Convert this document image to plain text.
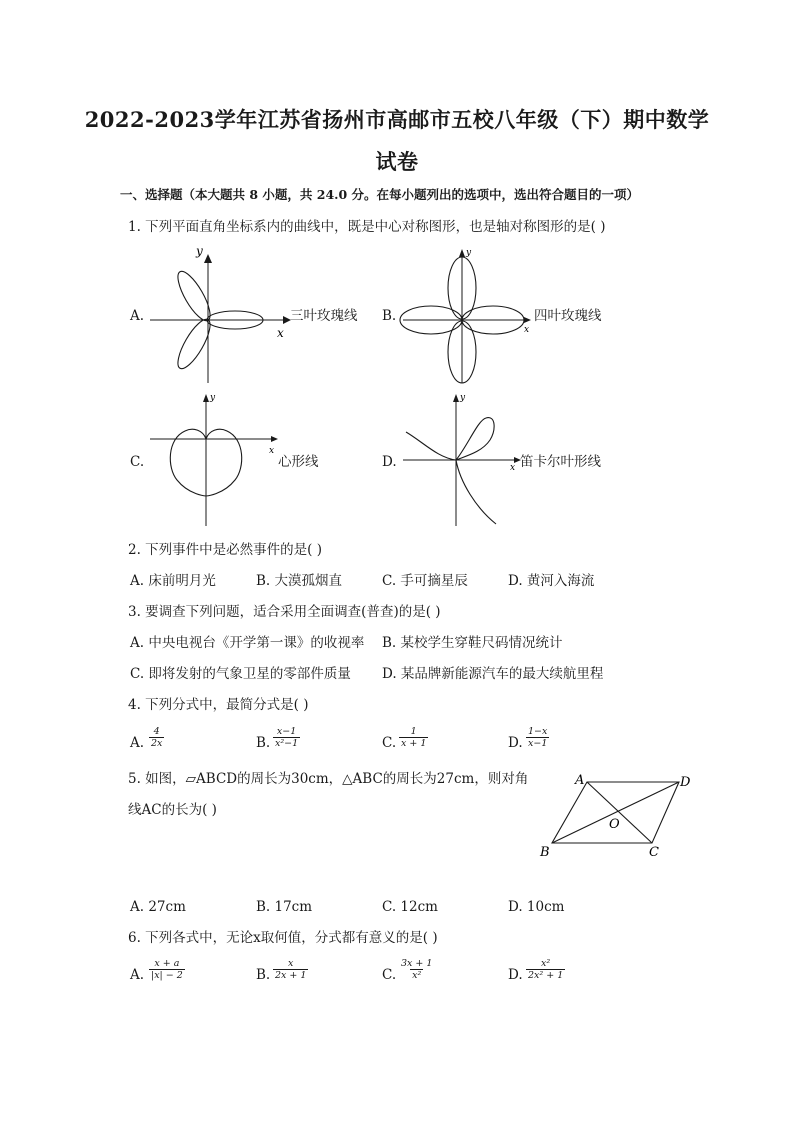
2022-2023学年江苏省扬州市高邮市五校八年级（下）期中数学
试卷
一、选择题（本大题共 8 小题，共 24.0 分。在每小题列出的选项中，选出符合题目的一项）
1. 下列平面直角坐标系内的曲线中，既是中心对称图形，也是轴对称图形的是( )
A.
y
x
三叶玫瑰线 B.
y
x
四叶玫瑰线
C.
y
x
心形线	D.
y
x 笛卡尔叶形线
2. 下列事件中是必然事件的是( )
A. 床前明月光	B. 大漠孤烟直	C. 手可摘星辰	D. 黄河入海流
3. 要调查下列问题，适合采用全面调查(普查)的是( )
A. 中央电视台《开学第一课》的收视率 B. 某校学生穿鞋尺码情况统计
C. 即将发射的气象卫星的零部件质量 D. 某品牌新能源汽车的最大续航里程
4. 下列分式中，最简分式是( )
A. $\frac{4}{2x}$	B. $\frac{x-1}{\text{x²−1}}$	C. $\frac{1}{x + 1}$	D. $\frac{1-x}{x-1}$
5. 如图，▱ABCD的周长为30cm，△ABC的周长为27cm，则对角
线AC的长为( )
A	D
B	C
O
A. 27cm	B. 17cm	C. 12cm	D. 10cm
6. 下列各式中，无论x取何值，分式都有意义的是( )
A. $\frac{x + a}{|x| - 2}$	B. $\frac{x}{2x + 1}$	C. $\frac{3x + 1}{\text{x²}}$	D. $\frac{\text{x²}}{\text{2x² + 1}}$
